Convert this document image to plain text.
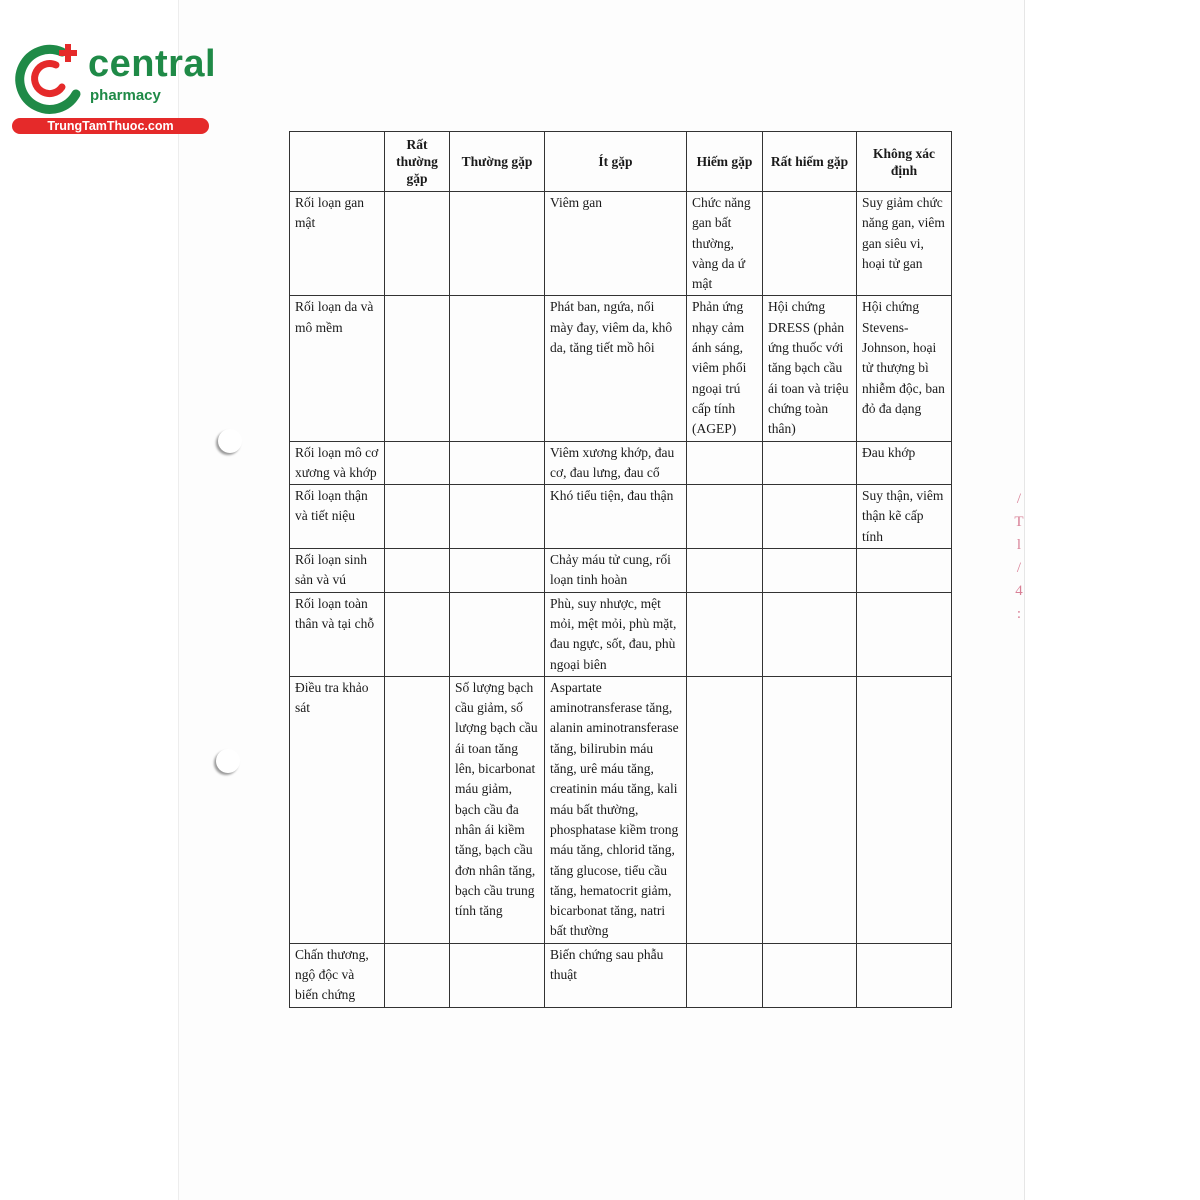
central
pharmacy
TrungTamThuoc.com
	Rất thường gặp	Thường gặp	Ít gặp	Hiếm gặp	Rất hiếm gặp	Không xác định
Rối loạn gan mật			Viêm gan	Chức năng gan bất thường, vàng da ứ mật		Suy giảm chức năng gan, viêm gan siêu vi, hoại tử gan
Rối loạn da và mô mềm			Phát ban, ngứa, nổi mày đay, viêm da, khô da, tăng tiết mồ hôi	Phản ứng nhạy cảm ánh sáng, viêm phổi ngoại trú cấp tính (AGEP)	Hội chứng DRESS (phản ứng thuốc với tăng bạch cầu ái toan và triệu chứng toàn thân)	Hội chứng Stevens-Johnson, hoại tử thượng bì nhiễm độc, ban đỏ đa dạng
Rối loạn mô cơ xương và khớp			Viêm xương khớp, đau cơ, đau lưng, đau cổ			Đau khớp
Rối loạn thận và tiết niệu			Khó tiểu tiện, đau thận			Suy thận, viêm thận kẽ cấp tính
Rối loạn sinh sản và vú			Chảy máu tử cung, rối loạn tinh hoàn			
Rối loạn toàn thân và tại chỗ			Phù, suy nhược, mệt mỏi, mệt mỏi, phù mặt, đau ngực, sốt, đau, phù ngoại biên			
Điều tra khảo sát		Số lượng bạch cầu giảm, số lượng bạch cầu ái toan tăng lên, bicarbonat máu giảm, bạch cầu đa nhân ái kiềm tăng, bạch cầu đơn nhân tăng, bạch cầu trung tính tăng	Aspartate aminotransferase tăng, alanin aminotransferase tăng, bilirubin máu tăng, urê máu tăng, creatinin máu tăng, kali máu bất thường, phosphatase kiềm trong máu tăng, chlorid tăng, tăng glucose, tiểu cầu tăng, hematocrit giảm, bicarbonat tăng, natri bất thường			
Chấn thương, ngộ độc và biến chứng			Biến chứng sau phẫu thuật			
/
T
l
/
4
:
